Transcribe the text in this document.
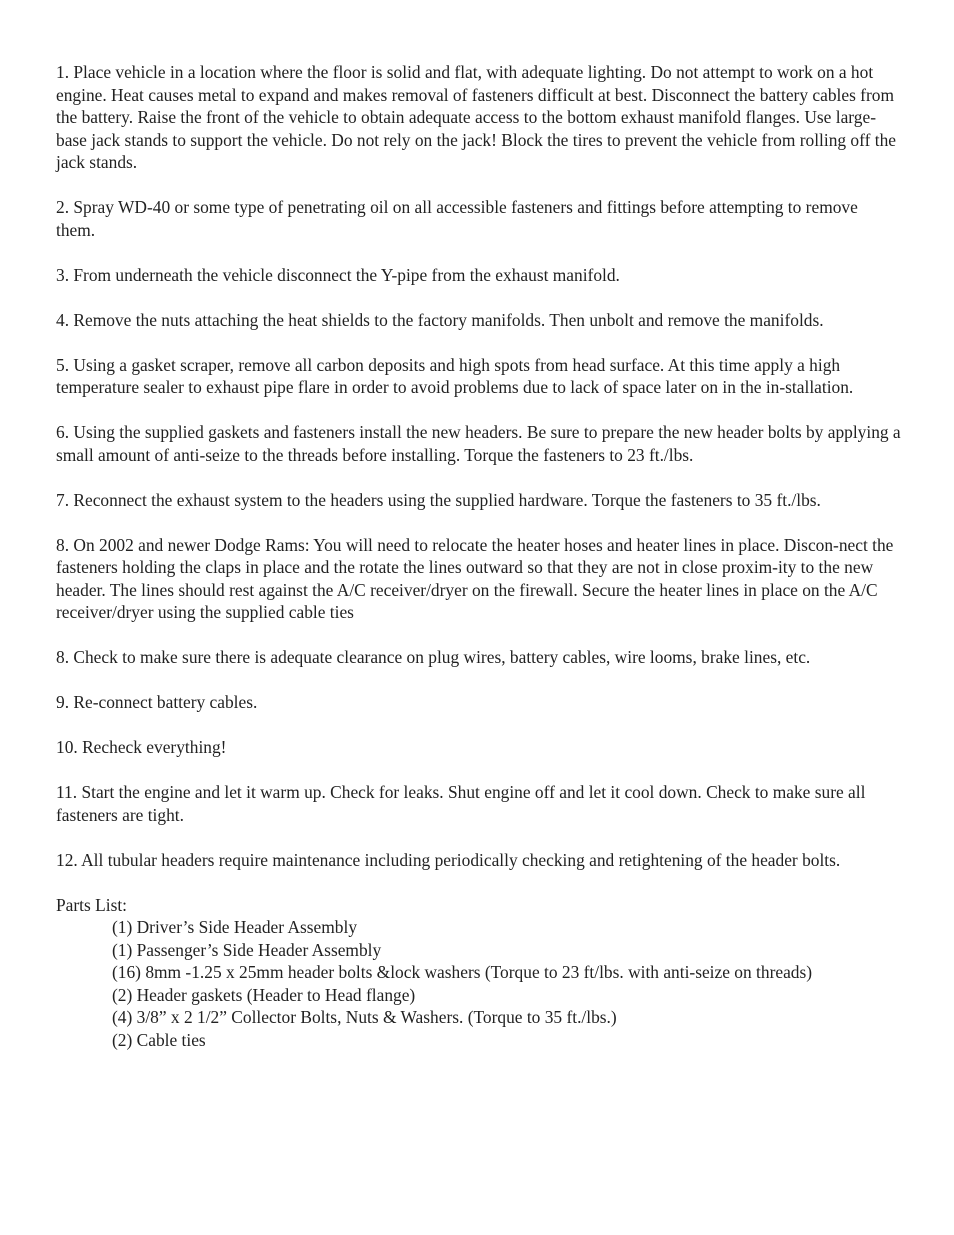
1. Place vehicle in a location where the floor is solid and flat, with adequate lighting. Do not attempt to work on a hot engine. Heat causes metal to expand and makes removal of fasteners difficult at best. Disconnect the battery cables from the battery. Raise the front of the vehicle to obtain adequate access to the bottom exhaust manifold flanges. Use large-base jack stands to support the vehicle. Do not rely on the jack! Block the tires to prevent the vehicle from rolling off the jack stands.

2. Spray WD-40 or some type of penetrating oil on all accessible fasteners and fittings before attempting to remove them.

3. From underneath the vehicle disconnect the Y-pipe from the exhaust manifold.

4. Remove the nuts attaching the heat shields to the factory manifolds. Then unbolt and remove the manifolds.

5. Using a gasket scraper, remove all carbon deposits and high spots from head surface. At this time apply a high temperature sealer to exhaust pipe flare in order to avoid problems due to lack of space later on in the in-stallation.

6. Using the supplied gaskets and fasteners install the new headers. Be sure to prepare the new header bolts by applying a small amount of anti-seize to the threads before installing. Torque the fasteners to 23 ft./lbs.

7. Reconnect the exhaust system to the headers using the supplied hardware. Torque the fasteners to 35 ft./lbs.

8. On 2002 and newer Dodge Rams: You will need to relocate the heater hoses and heater lines in place. Discon-nect the fasteners holding the claps in place and the rotate the lines outward so that they are not in close proxim-ity to the new header. The lines should rest against the A/C receiver/dryer on the firewall. Secure the heater lines in place on the A/C receiver/dryer using the supplied cable ties

8. Check to make sure there is adequate clearance on plug wires, battery cables, wire looms, brake lines, etc.

9. Re-connect battery cables.

10. Recheck everything!

11. Start the engine and let it warm up. Check for leaks. Shut engine off and let it cool down. Check to make sure all fasteners are tight.

12. All tubular headers require maintenance including periodically checking and retightening of the header bolts.

Parts List:

(1) Driver’s Side Header Assembly
(1) Passenger’s Side Header Assembly
(16) 8mm -1.25 x 25mm header bolts &lock washers (Torque to 23 ft/lbs. with anti-seize on threads)
(2) Header gaskets (Header to Head flange)
(4) 3/8” x 2 1/2” Collector Bolts, Nuts & Washers. (Torque to 35 ft./lbs.)
(2) Cable ties
